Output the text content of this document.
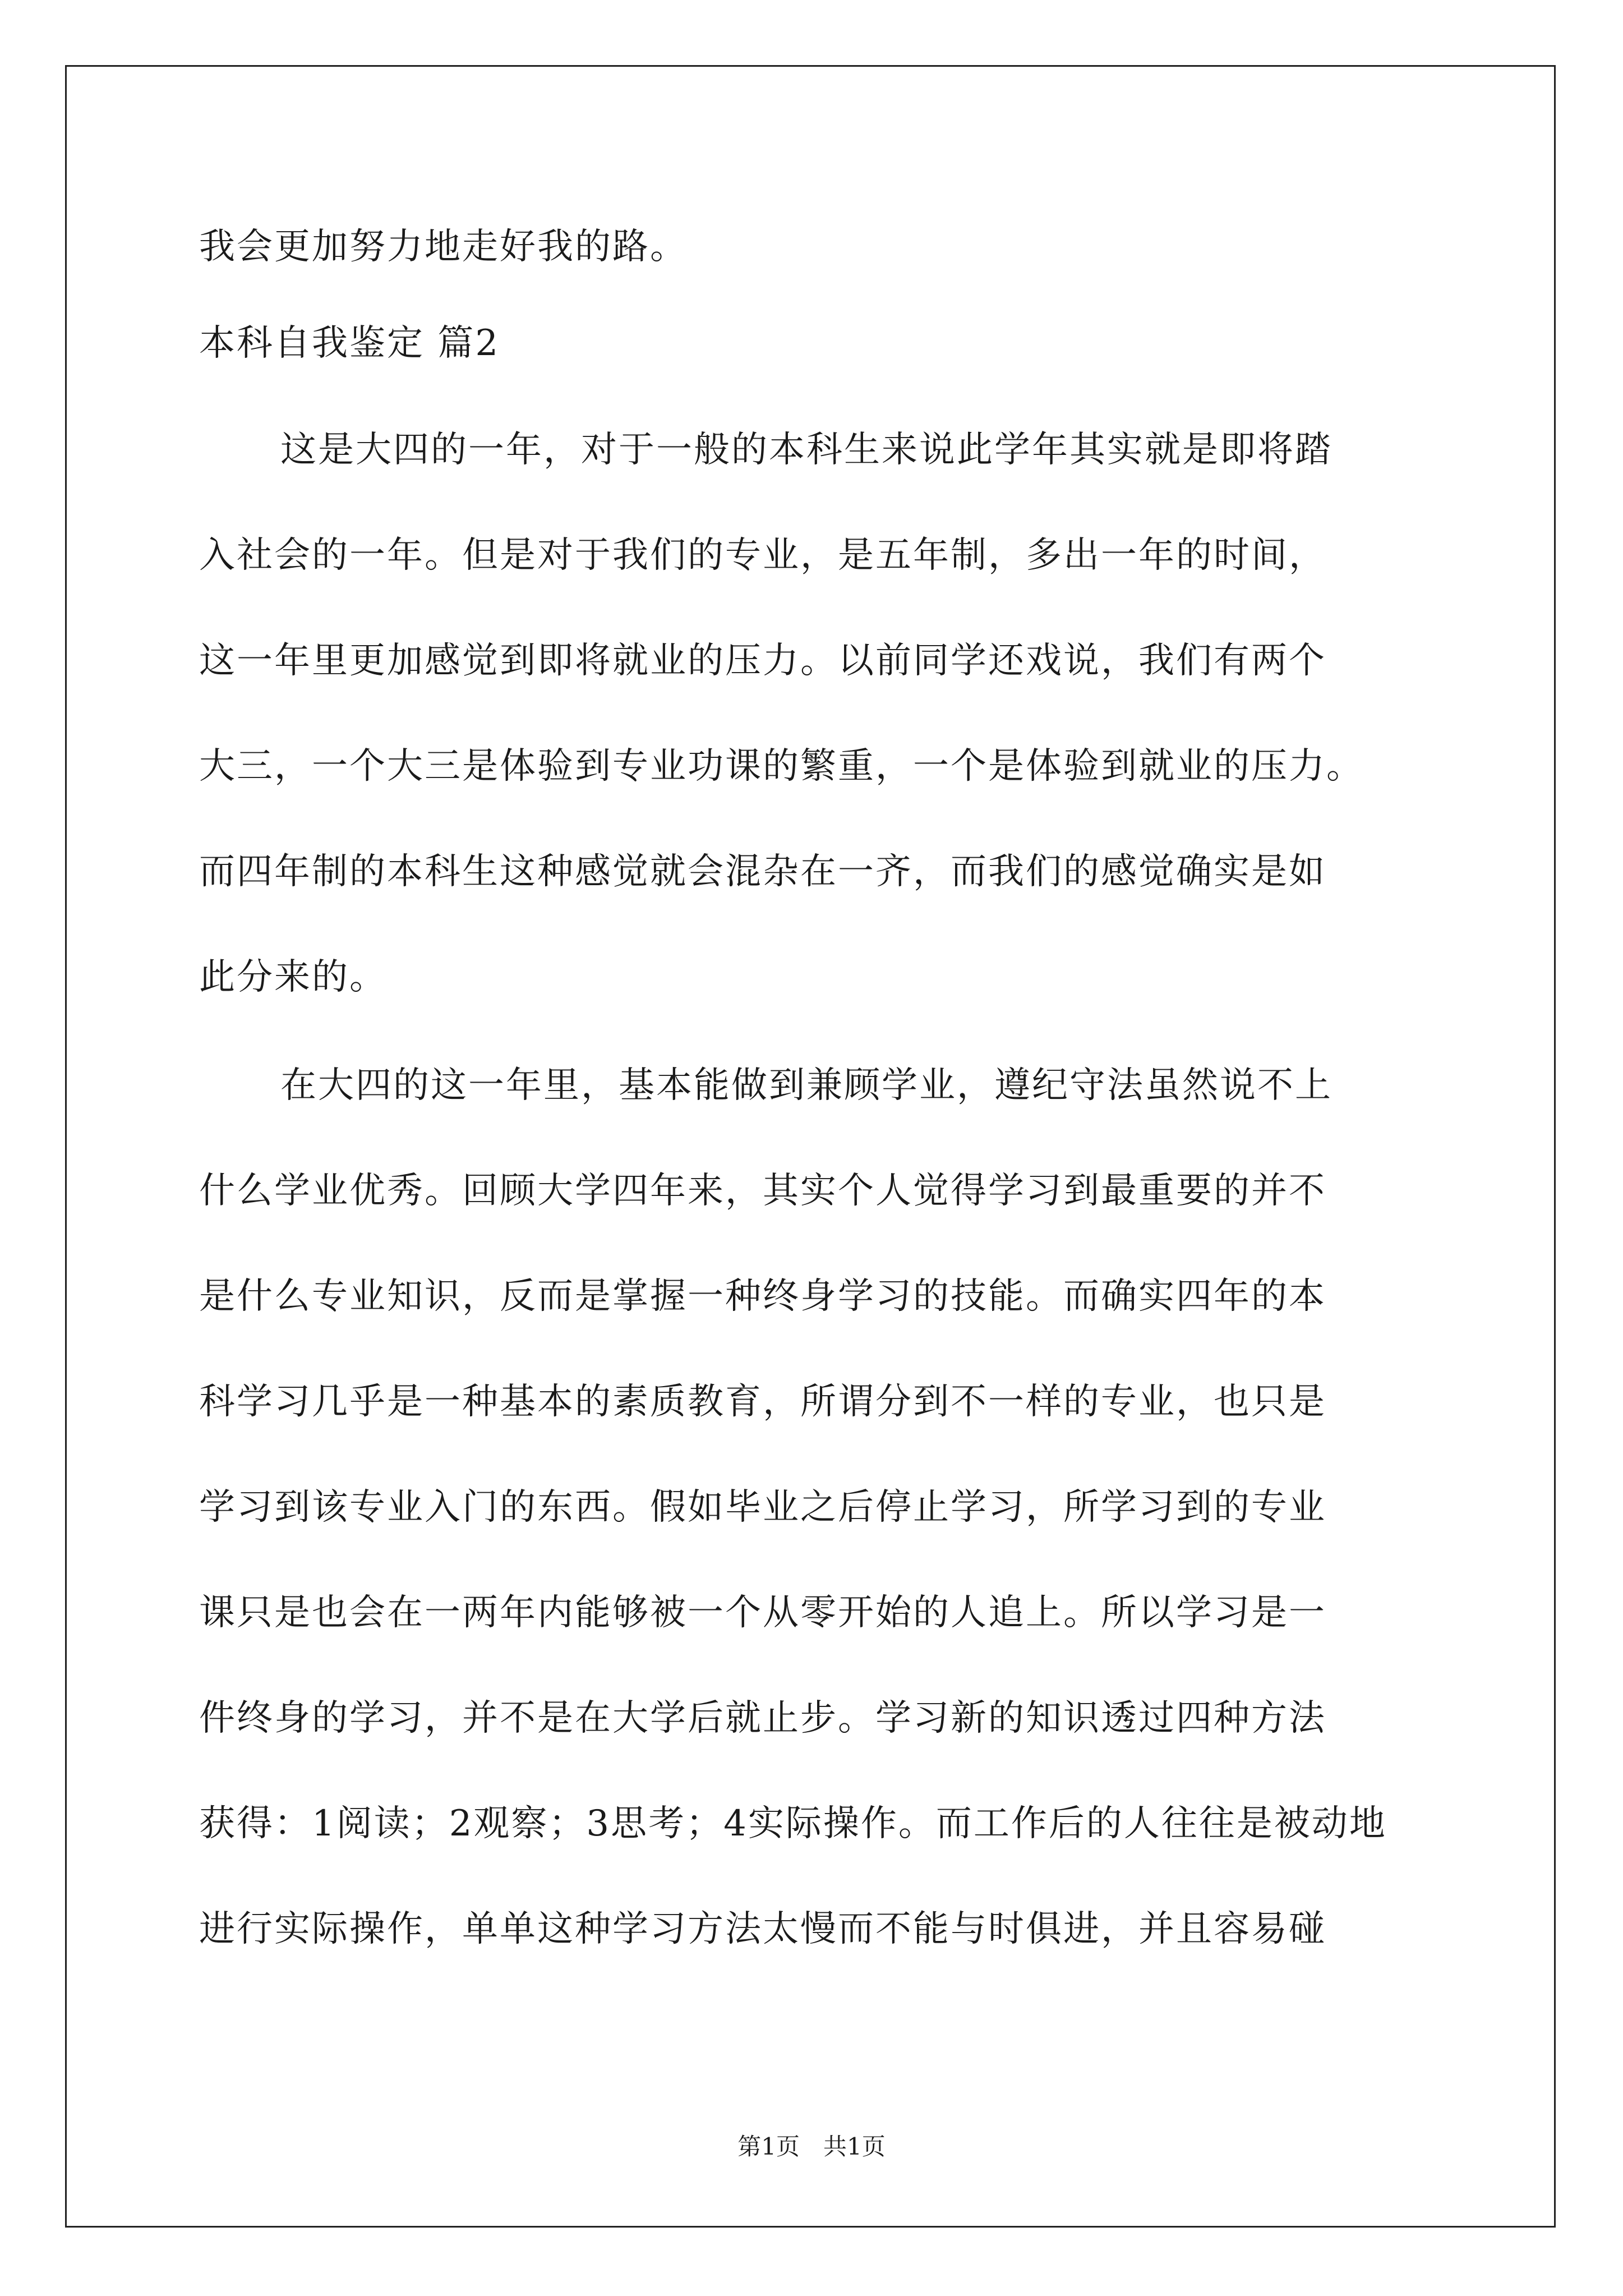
我会更加努力地走好我的路。
本科自我鉴定 篇2
这是大四的一年，对于一般的本科生来说此学年其实就是即将踏
入社会的一年。但是对于我们的专业，是五年制，多出一年的时间，
这一年里更加感觉到即将就业的压力。以前同学还戏说，我们有两个
大三，一个大三是体验到专业功课的繁重，一个是体验到就业的压力。
而四年制的本科生这种感觉就会混杂在一齐，而我们的感觉确实是如
此分来的。
在大四的这一年里，基本能做到兼顾学业，遵纪守法虽然说不上
什么学业优秀。回顾大学四年来，其实个人觉得学习到最重要的并不
是什么专业知识，反而是掌握一种终身学习的技能。而确实四年的本
科学习几乎是一种基本的素质教育，所谓分到不一样的专业，也只是
学习到该专业入门的东西。假如毕业之后停止学习，所学习到的专业
课只是也会在一两年内能够被一个从零开始的人追上。所以学习是一
件终身的学习，并不是在大学后就止步。学习新的知识透过四种方法
获得：1阅读；2观察；3思考；4实际操作。而工作后的人往往是被动地
进行实际操作，单单这种学习方法太慢而不能与时俱进，并且容易碰
第1页　共1页
